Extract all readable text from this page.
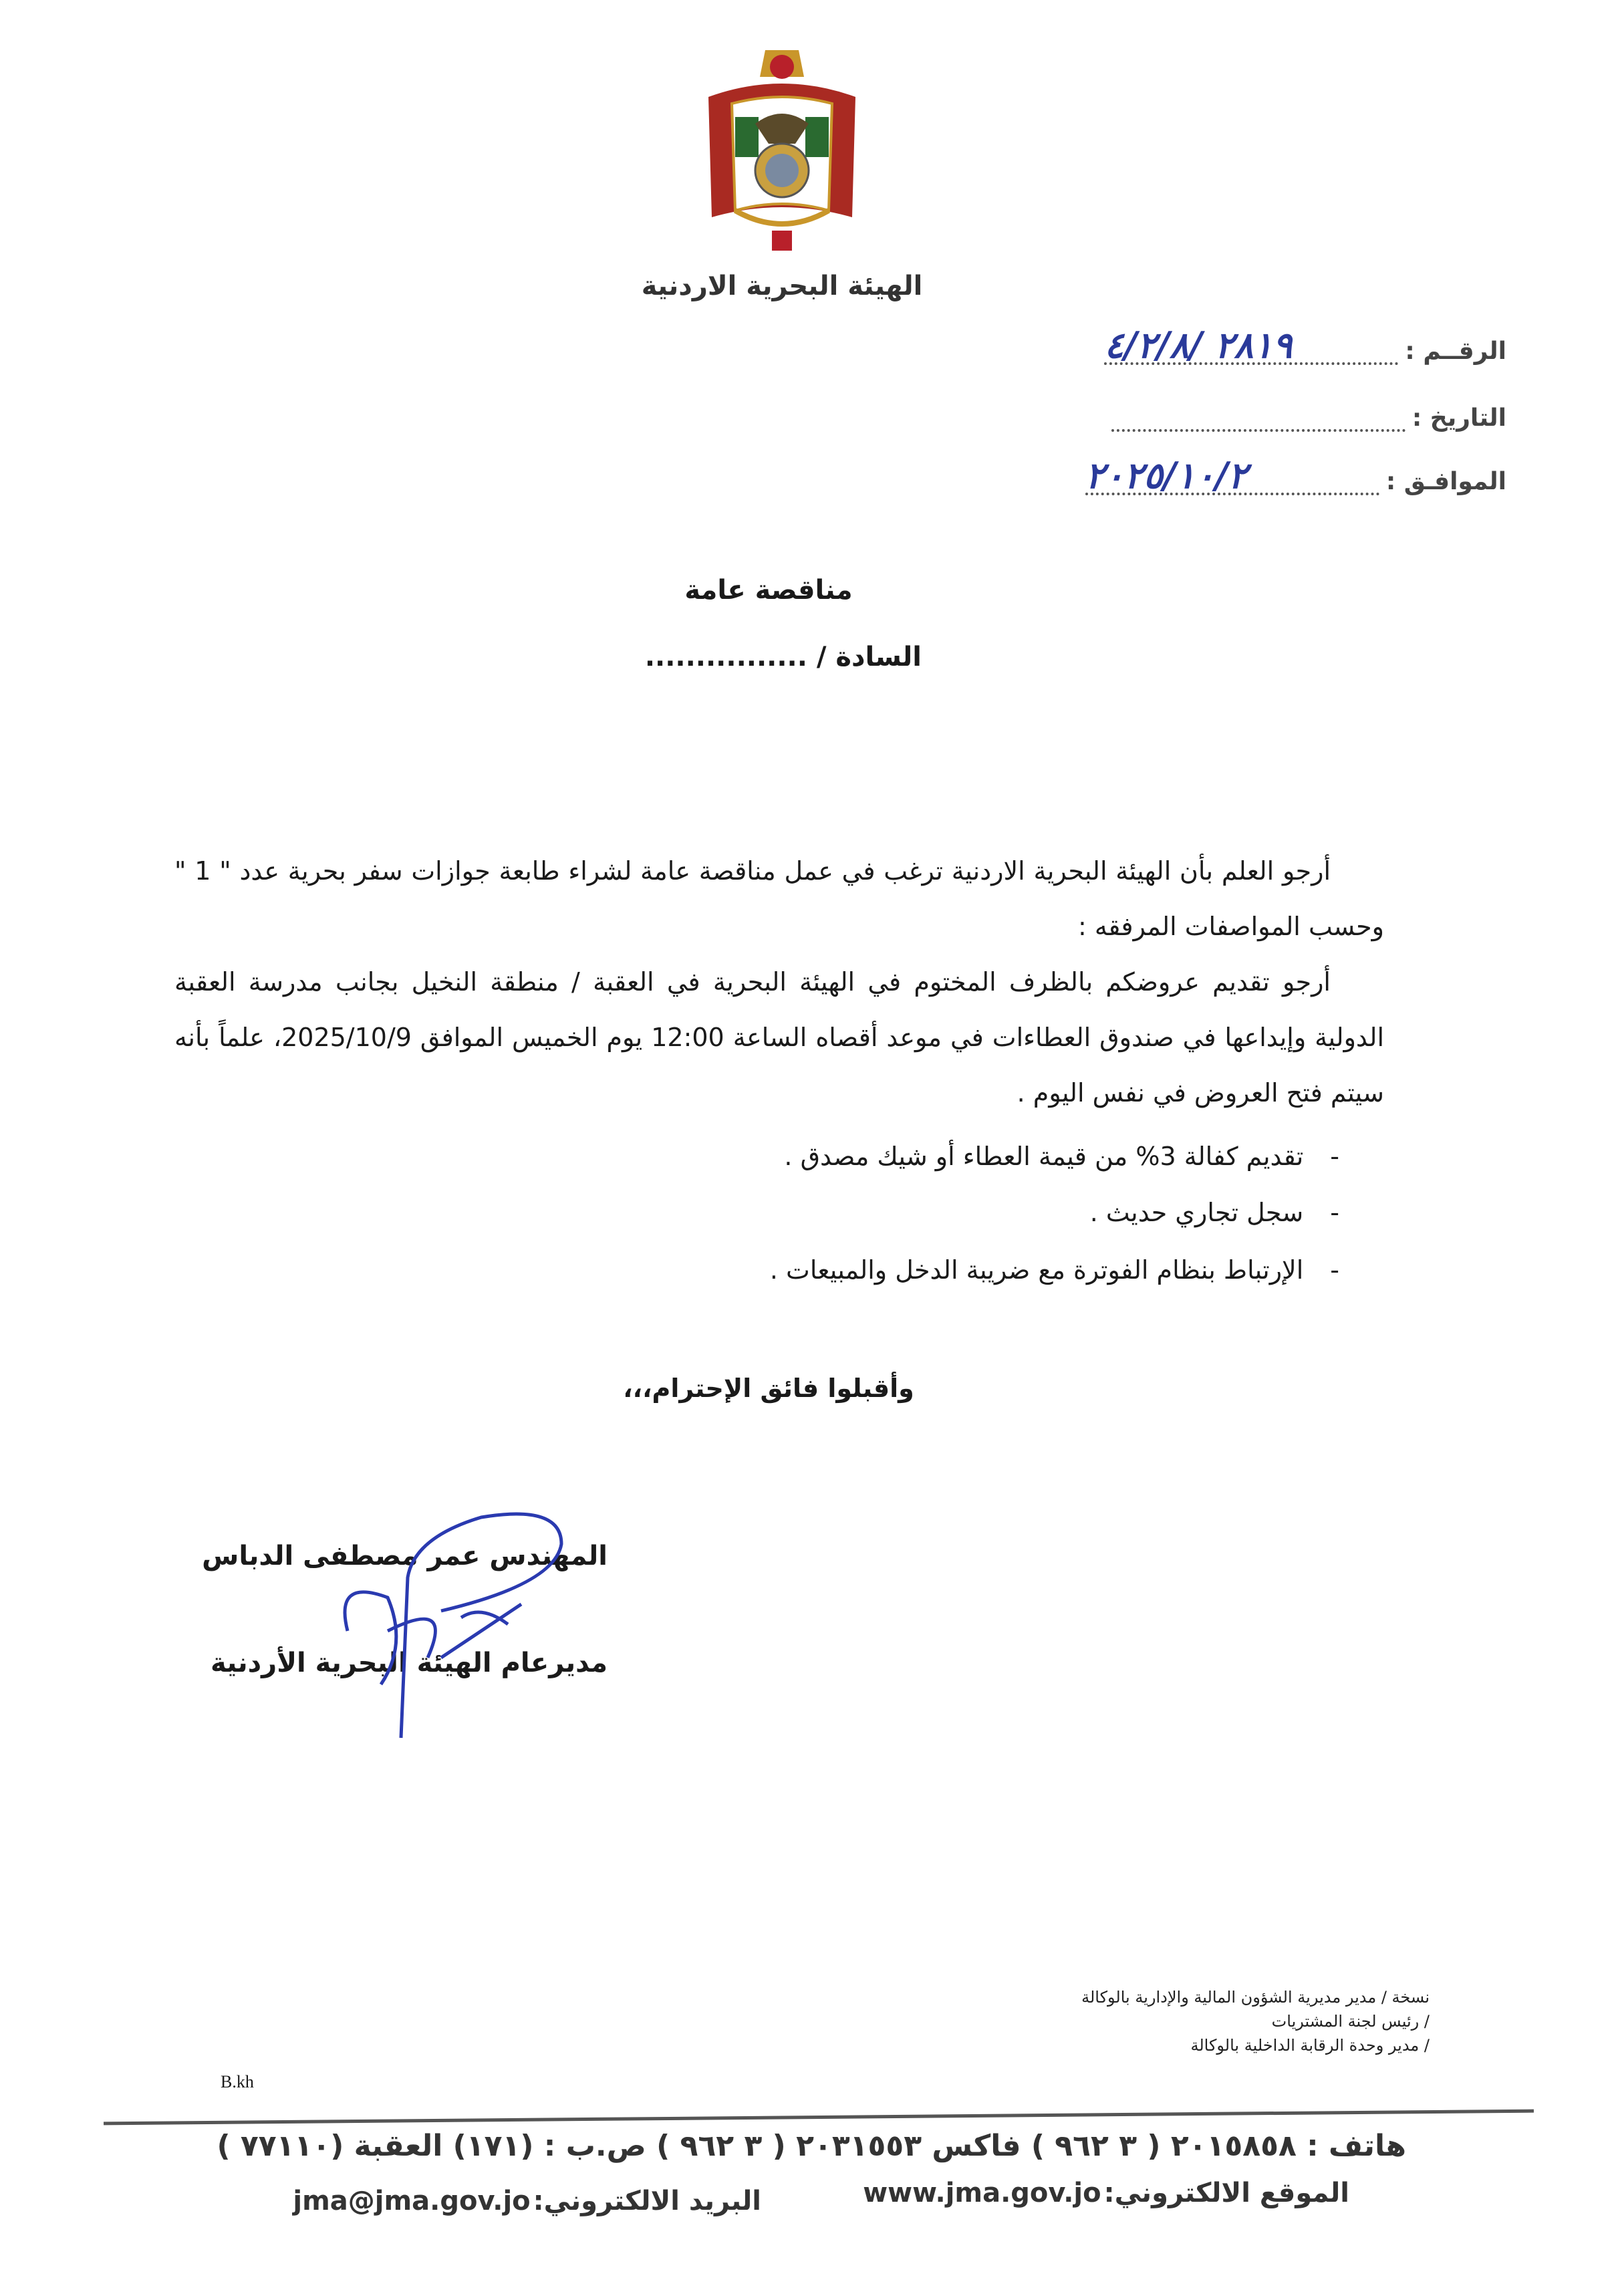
الهيئة البحرية الاردنية
الرقــم :
٢٨١٩ /٤/٢/٨
التاريخ :
الموافـق :
٢٠٢٥/١٠/٢
مناقصة عامة
السادة / ................
أرجو العلم بأن الهيئة البحرية الاردنية ترغب في عمل مناقصة عامة لشراء طابعة جوازات سفر بحرية عدد " 1 " وحسب المواصفات المرفقه :
أرجو تقديم عروضكم بالظرف المختوم في الهيئة البحرية في العقبة / منطقة النخيل بجانب مدرسة العقبة الدولية وإيداعها في صندوق العطاءات في موعد أقصاه الساعة 12:00 يوم الخميس الموافق 2025/10/9، علماً بأنه سيتم فتح العروض في نفس اليوم .
-
تقديم كفالة 3% من قيمة العطاء أو شيك مصدق .
-
سجل تجاري حديث .
-
الإرتباط بنظام الفوترة مع ضريبة الدخل والمبيعات .
وأقبلوا فائق الإحترام،،،
المهندس عمر مصطفى الدباس
مديرعام الهيئة البحرية الأردنية
نسخة / مدير مديرية الشؤون المالية والإدارية بالوكالة
/ رئيس لجنة المشتريات
/ مدير وحدة الرقابة الداخلية بالوكالة
B.kh
هاتف : ٢٠١٥٨٥٨ ( ٣ ٩٦٢ ) فاكس ٢٠٣١٥٥٣ ( ٣ ٩٦٢ ) ص.ب : (١٧١) العقبة (٧٧١١٠ )
الموقع الالكتروني:
www.jma.gov.jo
البريد الالكتروني:
jma@jma.gov.jo
